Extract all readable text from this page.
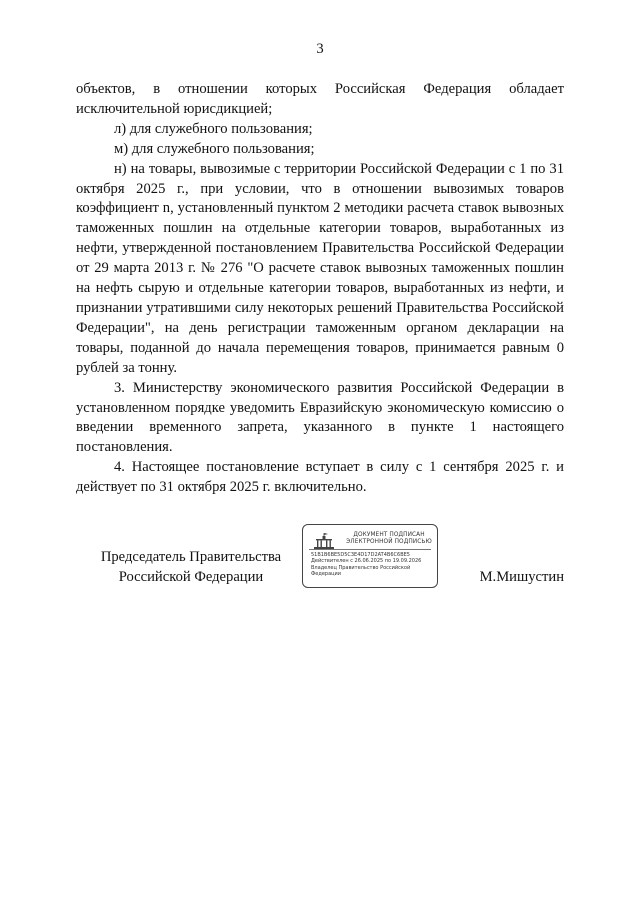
3

объектов, в отношении которых Российская Федерация обладает исключительной юрисдикцией;

л) для служебного пользования;

м) для служебного пользования;

н) на товары, вывозимые с территории Российской Федерации с 1 по 31 октября 2025 г., при условии, что в отношении вывозимых товаров коэффициент n, установленный пунктом 2 методики расчета ставок вывозных таможенных пошлин на отдельные категории товаров, выработанных из нефти, утвержденной постановлением Правительства Российской Федерации от 29 марта 2013 г. № 276 "О расчете ставок вывозных таможенных пошлин на нефть сырую и отдельные категории товаров, выработанных из нефти, и признании утратившими силу некоторых решений Правительства Российской Федерации", на день регистрации таможенным органом декларации на товары, поданной до начала перемещения товаров, принимается равным 0 рублей за тонну.

3. Министерству экономического развития Российской Федерации в установленном порядке уведомить Евразийскую экономическую комиссию о введении временного запрета, указанного в пункте 1 настоящего постановления.

4. Настоящее постановление вступает в силу с 1 сентября 2025 г. и действует по 31 октября 2025 г. включительно.

Председатель Правительства
Российской Федерации
ДОКУМЕНТ ПОДПИСАН
ЭЛЕКТРОННОЙ ПОДПИСЬЮ
51B1B6BE5D5C3E4D17D2AT4B6C6BE5
Действителен с 26.06.2025 по 19.09.2026
Владелец Правительство Российской
Федерации	М.Мишустин
